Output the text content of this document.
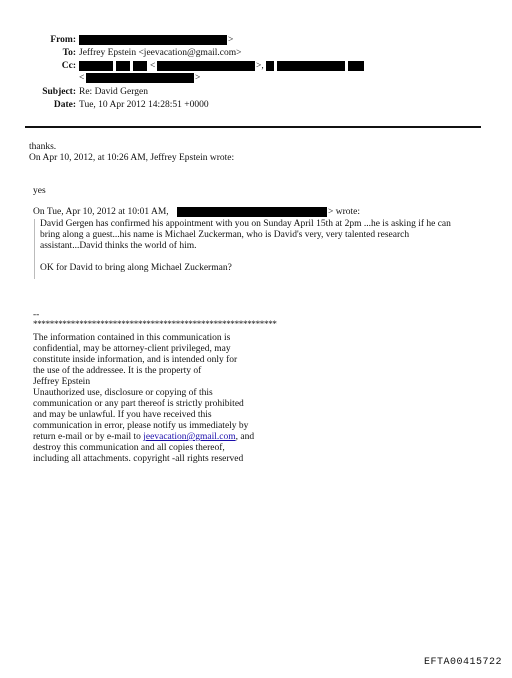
From:	>
To: Jeffrey Epstein <jeevacation@gmail.com>
Cc:	<	>,
<	>
Subject: Re: David Gergen
Date: Tue, 10 Apr 2012 14:28:51 +0000
thanks.
On Apr 10, 2012, at 10:26 AM, Jeffrey Epstein wrote:
yes
On Tue, Apr 10, 2012 at 10:01 AM,	> wrote:
David Gergen has confirmed his appointment with you on Sunday April 15th at 2pm ...he is asking if he can
bring along a guest...his name is Michael Zuckerman, who is David's very, very talented research
assistant...David thinks the world of him.
OK for David to bring along Michael Zuckerman?
--
**********************************************************
The information contained in this communication is
confidential, may be attorney-client privileged, may
constitute inside information, and is intended only for
the use of the addressee. It is the property of
Jeffrey Epstein
Unauthorized use, disclosure or copying of this
communication or any part thereof is strictly prohibited
and may be unlawful. If you have received this
communication in error, please notify us immediately by
return e-mail or by e-mail to jeevacation@gmail.com, and
destroy this communication and all copies thereof,
including all attachments. copyright -all rights reserved
EFTA00415722
